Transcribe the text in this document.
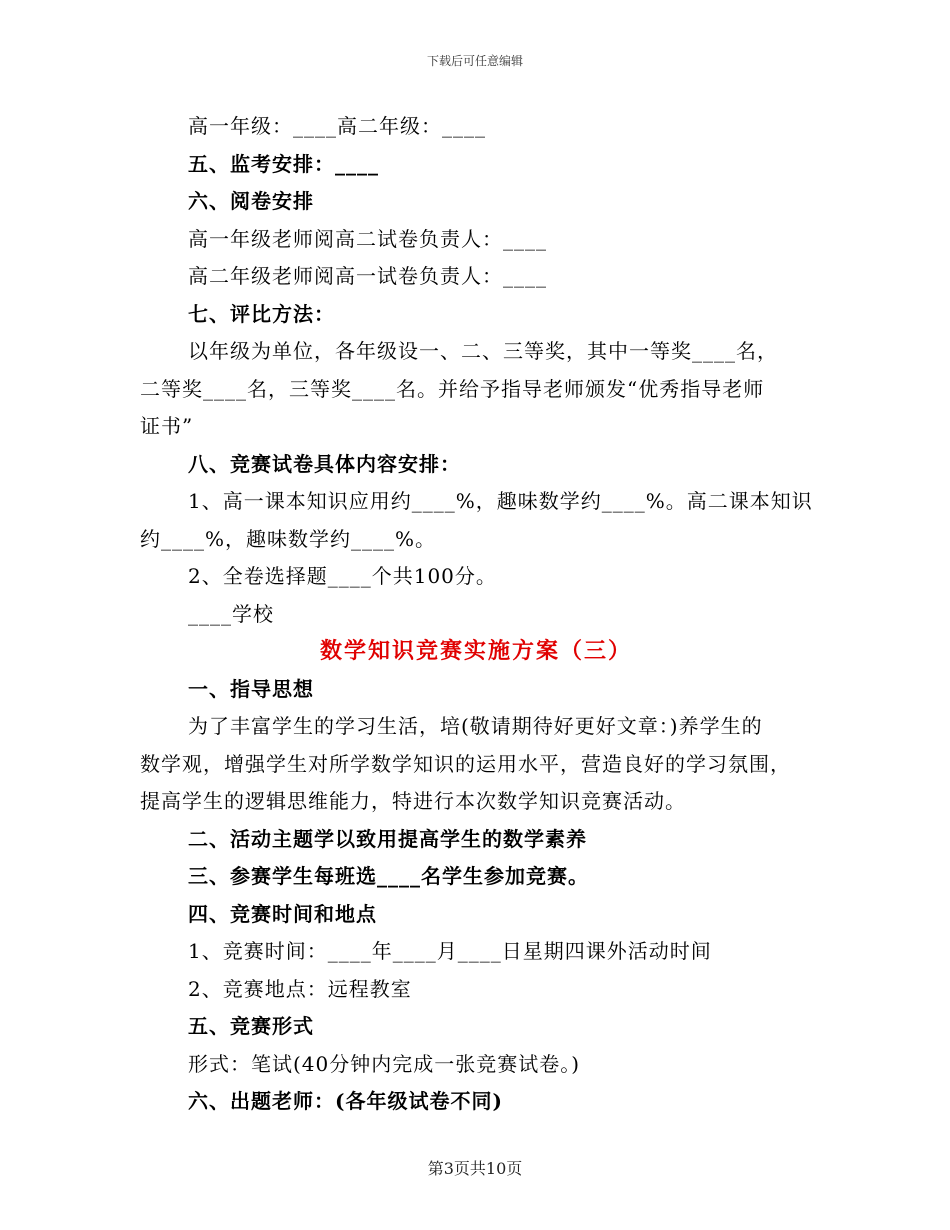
下载后可任意编辑
高一年级：____高二年级：____
五、监考安排：____
六、阅卷安排
高一年级老师阅高二试卷负责人：____
高二年级老师阅高一试卷负责人：____
七、评比方法：
以年级为单位，各年级设一、二、三等奖，其中一等奖____名，
二等奖____名，三等奖____名。并给予指导老师颁发“优秀指导老师
证书”
八、竞赛试卷具体内容安排：
1、高一课本知识应用约____%，趣味数学约____%。高二课本知识
约____%，趣味数学约____%。
2、全卷选择题____个共100分。
____学校
数学知识竞赛实施方案（三）
一、指导思想
为了丰富学生的学习生活，培(敬请期待好更好文章：)养学生的
数学观，增强学生对所学数学知识的运用水平，营造良好的学习氛围，
提高学生的逻辑思维能力，特进行本次数学知识竞赛活动。
二、活动主题学以致用提高学生的数学素养
三、参赛学生每班选____名学生参加竞赛。
四、竞赛时间和地点
1、竞赛时间：____年____月____日星期四课外活动时间
2、竞赛地点：远程教室
五、竞赛形式
形式：笔试(40分钟内完成一张竞赛试卷。)
六、出题老师：(各年级试卷不同)
第3页共10页
